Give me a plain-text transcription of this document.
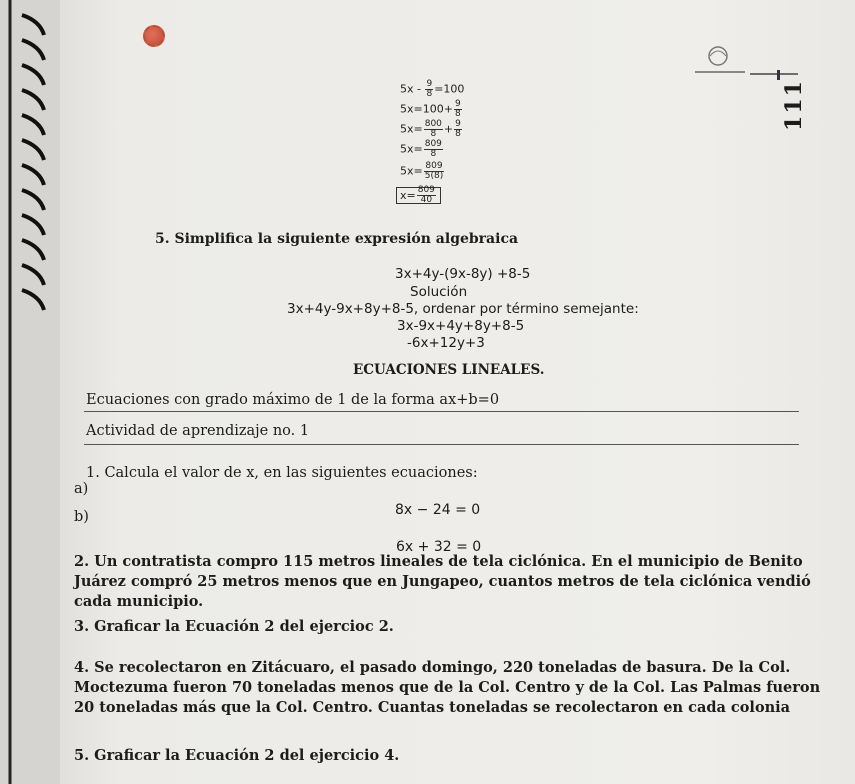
111
$5x - \frac{9}{8} =100$
$5x=100+ \frac{9}{8}$
$5x= \frac{800}{8} + \frac{9}{8}$
$5x= \frac{809}{8}$
$5x= \frac{809}{5(8)}$
$x= \frac{809}{40}$
5. Simplifica la siguiente expresión algebraica
3x+4y-(9x-8y) +8-5
Solución
3x+4y-9x+8y+8-5, ordenar por término semejante:
3x-9x+4y+8y+8-5
-6x+12y+3
ECUACIONES LINEALES.
Ecuaciones con grado máximo de 1 de la forma ax+b=0
Actividad de aprendizaje no. 1
1. Calcula el valor de x, en las siguientes ecuaciones:
a)
8x − 24 = 0
b)
6x + 32 = 0
2. Un contratista compro 115 metros lineales de tela ciclónica. En el municipio de Benito Juárez compró 25 metros menos que en Jungapeo, cuantos metros de tela ciclónica vendió cada municipio.
3. Graficar la Ecuación 2 del ejercioc 2.
4. Se recolectaron en Zitácuaro, el pasado domingo, 220 toneladas de basura. De la Col. Moctezuma fueron 70 toneladas menos que de la Col. Centro y de la Col. Las Palmas fueron 20 toneladas más que la Col. Centro. Cuantas toneladas se recolectaron en cada colonia
5. Graficar la Ecuación 2 del ejercicio 4.
